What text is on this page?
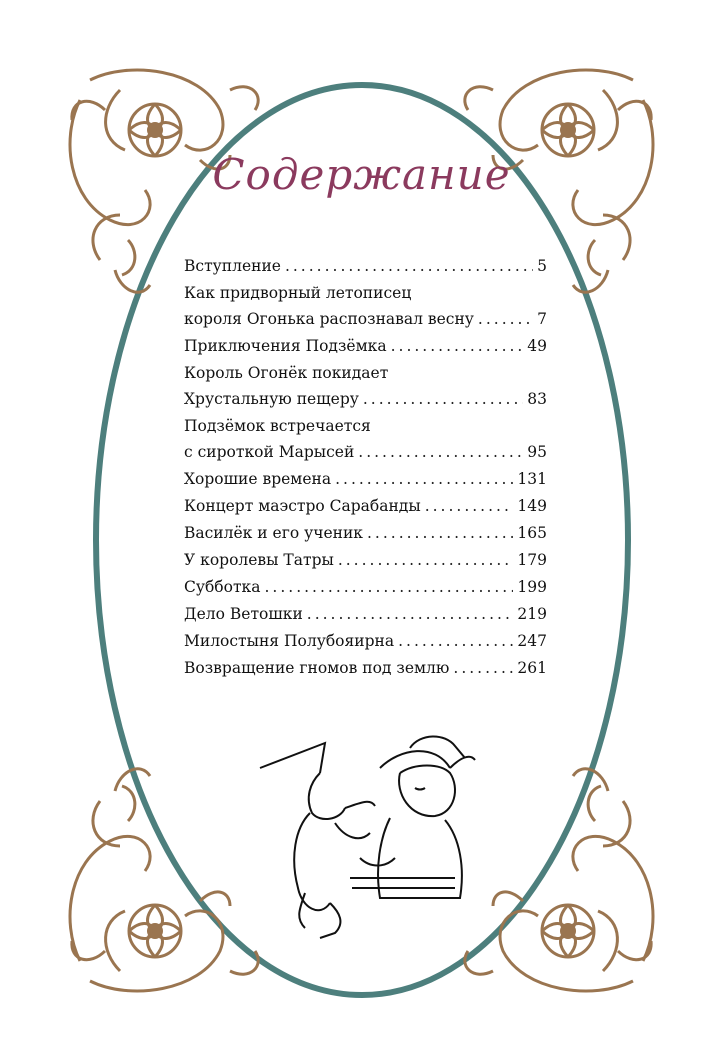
Содержание
Вступление .....	5
Как придворный летописец
короля Огонька распознавал весну .....	7
Приключения Подзёмка .....	49
Король Огонёк покидает
Хрустальную пещеру .....	83
Подзёмок встречается
с сироткой Марысей .....	95
Хорошие времена .....	131
Концерт маэстро Сарабанды .....	149
Василёк и его ученик .....	165
У королевы Татры .....	179
Субботка .....	199
Дело Ветошки .....	219
Милостыня Полубояирна .....	247
Возвращение гномов под землю .....	261
